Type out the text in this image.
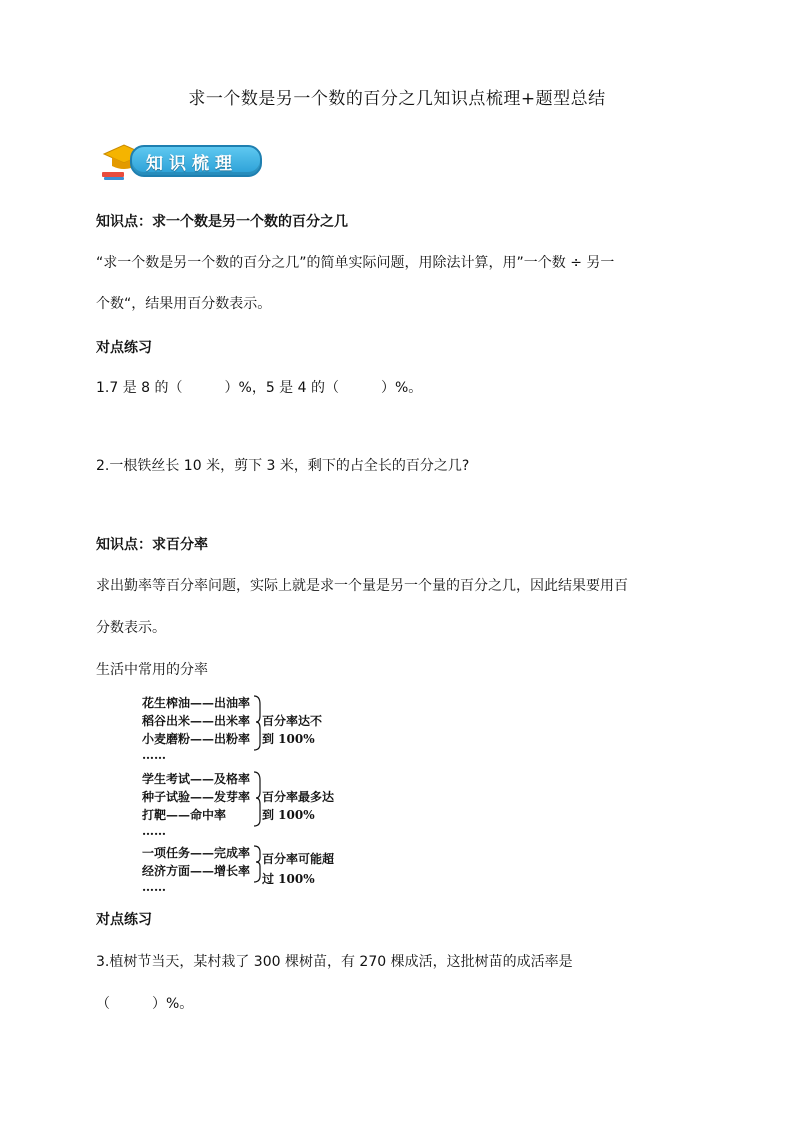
求一个数是另一个数的百分之几知识点梳理+题型总结
知识梳理
知识点：求一个数是另一个数的百分之几
“求一个数是另一个数的百分之几”的简单实际问题，用除法计算，用”一个数 ÷ 另一
个数“，结果用百分数表示。
对点练习
1.7 是 8 的（　　　）%，5 是 4 的（　　　）%。
2.一根铁丝长 10 米，剪下 3 米，剩下的占全长的百分之几?
知识点：求百分率
求出勤率等百分率问题，实际上就是求一个量是另一个量的百分之几，因此结果要用百
分数表示。
生活中常用的分率
花生榨油——出油率
稻谷出米——出米率
小麦磨粉——出粉率
……
百分率达不
到 100%
学生考试——及格率
种子试验——发芽率
打靶——命中率
……
百分率最多达
到 100%
一项任务——完成率
经济方面——增长率
……
百分率可能超
过 100%
对点练习
3.植树节当天，某村栽了 300 棵树苗，有 270 棵成活，这批树苗的成活率是
（　　　）%。
